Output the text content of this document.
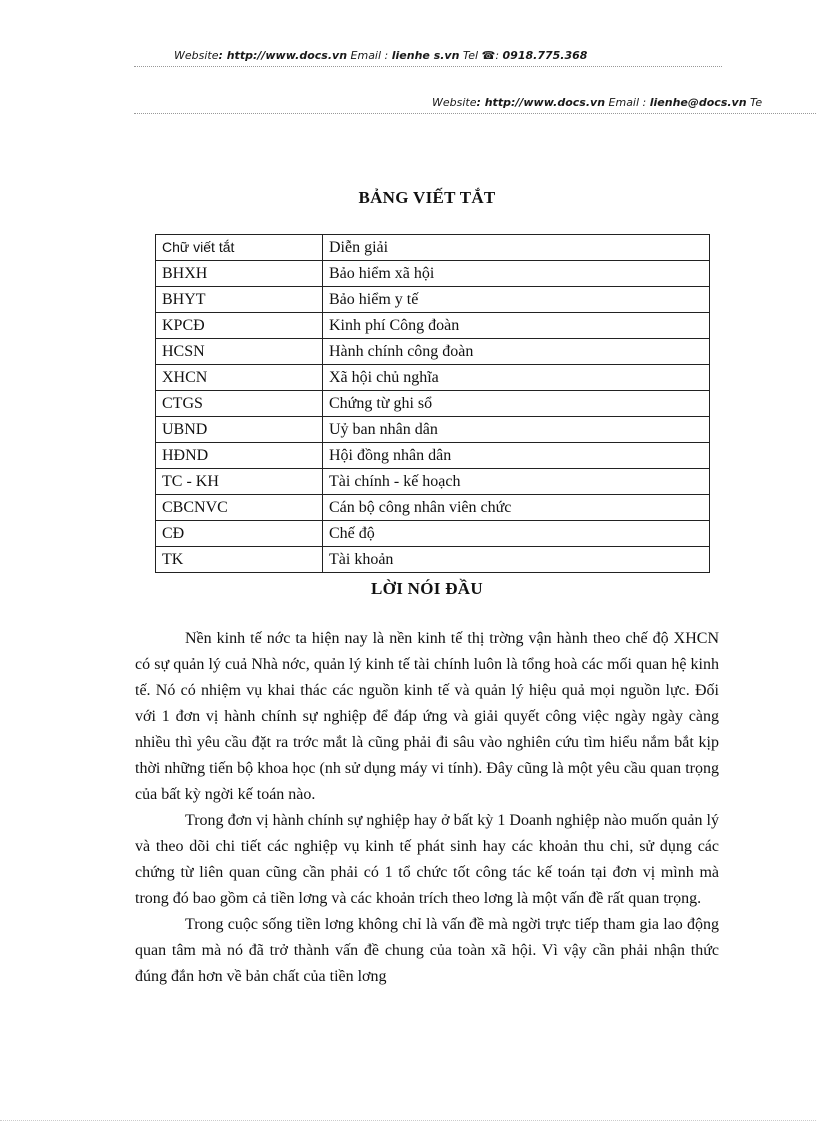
Website: http://www.docs.vn Email : lienhe s.vn Tel ☎: 0918.775.368
Website: http://www.docs.vn Email : lienhe@docs.vn Te
BẢNG VIẾT TẮT
Chữ viết tắt	Diễn giải
BHXH	Bảo hiểm xã hội
BHYT	Bảo hiểm y tế
KPCĐ	Kinh phí Công đoàn
HCSN	Hành chính công đoàn
XHCN	Xã hội chủ nghĩa
CTGS	Chứng từ ghi sổ
UBND	Uỷ ban nhân dân
HĐND	Hội đồng nhân dân
TC - KH	Tài chính - kế hoạch
CBCNVC	Cán bộ công nhân viên chức
CĐ	Chế độ
TK	Tài khoản
LỜI NÓI ĐẦU

Nền kinh tế nớc ta hiện nay là nền kinh tế thị trờng vận hành theo chế độ XHCN có sự quản lý cuả Nhà nớc, quản lý kinh tế tài chính luôn là tổng hoà các mối quan hệ kinh tế. Nó có nhiệm vụ khai thác các nguồn kinh tế và quản lý hiệu quả mọi nguồn lực. Đối với 1 đơn vị hành chính sự nghiệp để đáp ứng và giải quyết công việc ngày ngày càng nhiều thì yêu cầu đặt ra trớc mắt là cũng phải đi sâu vào nghiên cứu tìm hiểu nắm bắt kịp thời những tiến bộ khoa học (nh sử dụng máy vi tính). Đây cũng là một yêu cầu quan trọng của bất kỳ ngời kế toán nào.

Trong đơn vị hành chính sự nghiệp hay ở bất kỳ 1 Doanh nghiệp nào muốn quản lý và theo dõi chi tiết các nghiệp vụ kinh tế phát sinh hay các khoản thu chi, sử dụng các chứng từ liên quan cũng cần phải có 1 tổ chức tốt công tác kế toán tại đơn vị mình mà trong đó bao gồm cả tiền lơng và các khoản trích theo lơng là một vấn đề rất quan trọng.

Trong cuộc sống tiền lơng không chỉ là vấn đề mà ngời trực tiếp tham gia lao động quan tâm mà nó đã trở thành vấn đề chung của toàn xã hội. Vì vậy cần phải nhận thức đúng đắn hơn về bản chất của tiền lơng
